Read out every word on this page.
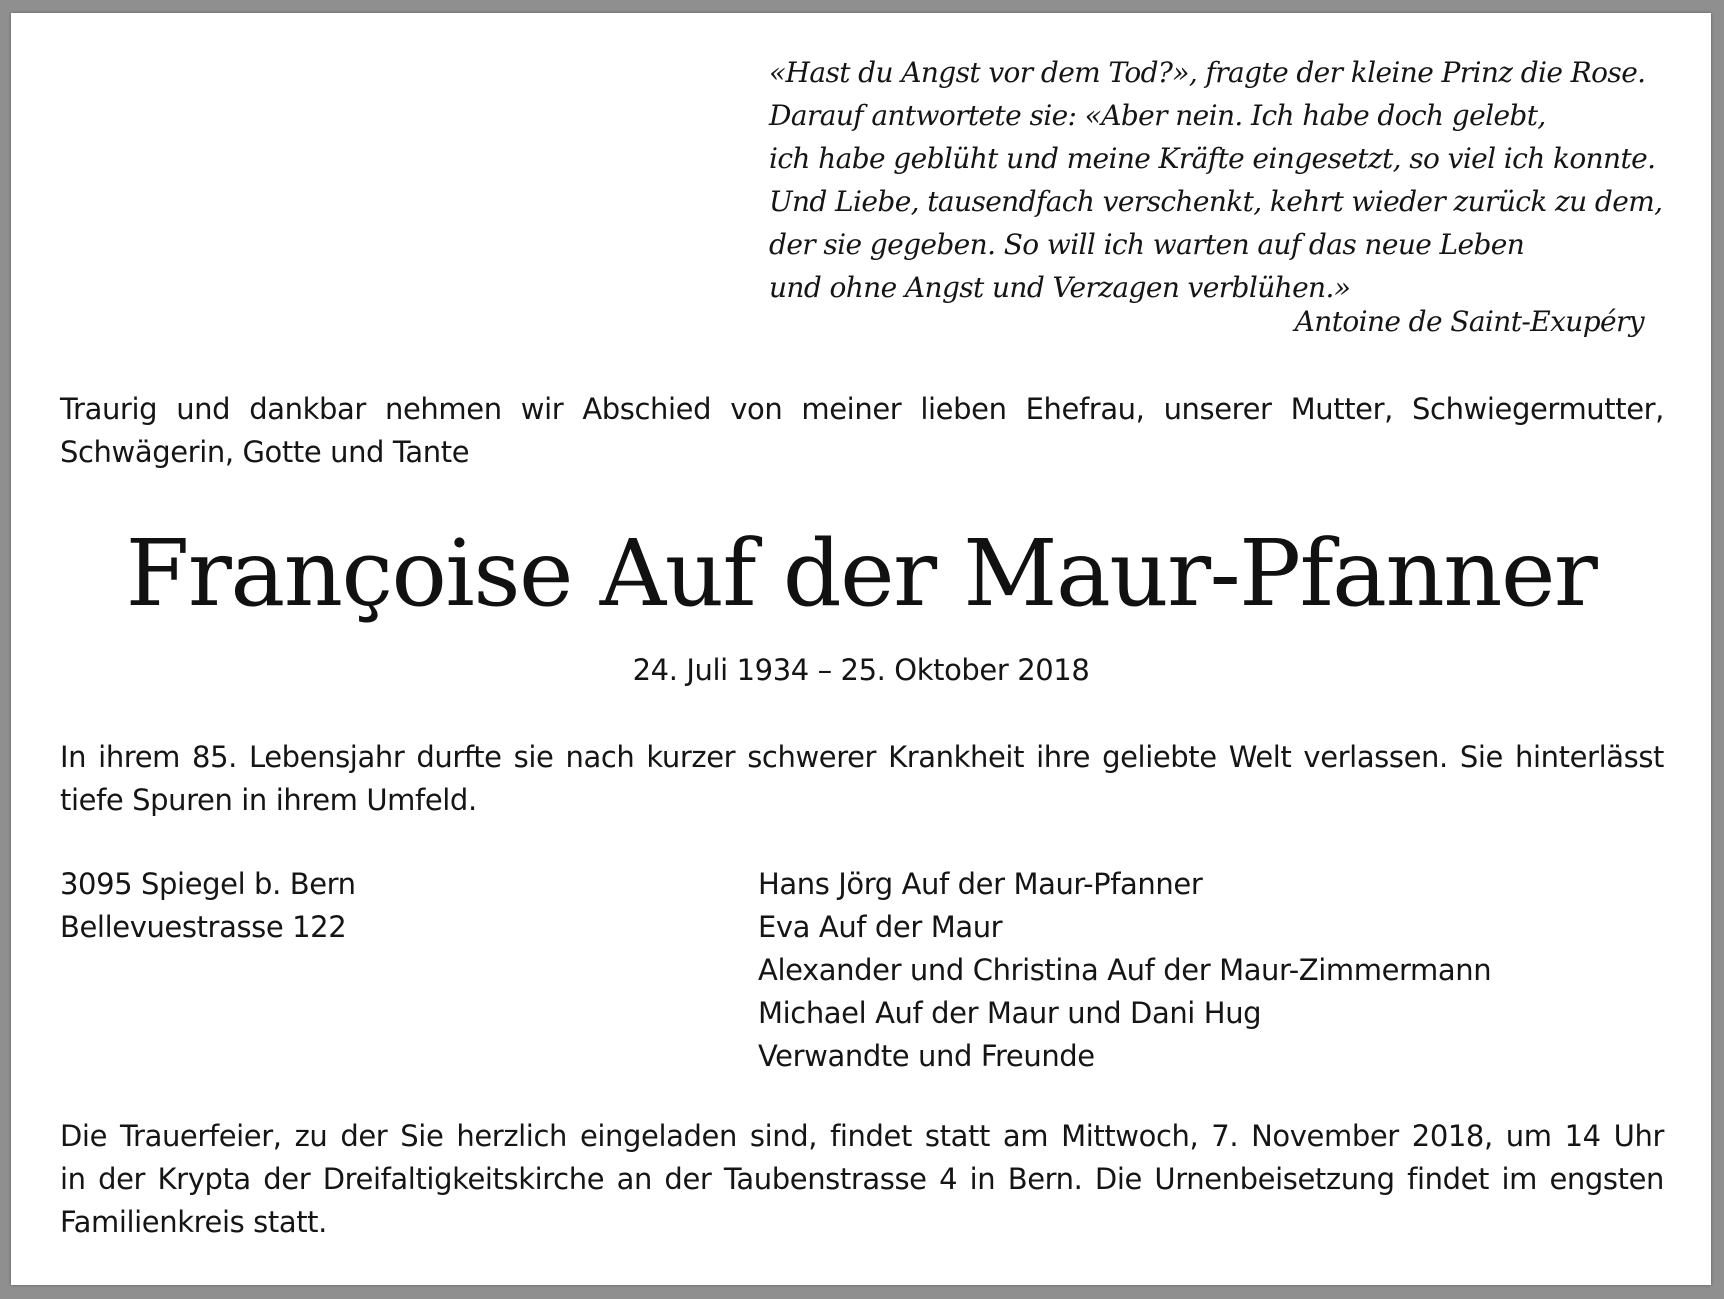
«Hast du Angst vor dem Tod?», fragte der kleine Prinz die Rose.
Darauf antwortete sie: «Aber nein. Ich habe doch gelebt,
ich habe geblüht und meine Kräfte eingesetzt, so viel ich konnte.
Und Liebe, tausendfach verschenkt, kehrt wieder zurück zu dem,
der sie gegeben. So will ich warten auf das neue Leben
und ohne Angst und Verzagen verblühen.»
Antoine de Saint-Exupéry
Traurig und dankbar nehmen wir Abschied von meiner lieben Ehefrau, unserer Mutter, Schwiegermutter,
Schwägerin, Gotte und Tante
Françoise Auf der Maur-Pfanner
24. Juli 1934 – 25. Oktober 2018
In ihrem 85. Lebensjahr durfte sie nach kurzer schwerer Krankheit ihre geliebte Welt verlassen. Sie hinterlässt
tiefe Spuren in ihrem Umfeld.
3095 Spiegel b. Bern
Bellevuestrasse 122
Hans Jörg Auf der Maur-Pfanner
Eva Auf der Maur
Alexander und Christina Auf der Maur-Zimmermann
Michael Auf der Maur und Dani Hug
Verwandte und Freunde
Die Trauerfeier, zu der Sie herzlich eingeladen sind, findet statt am Mittwoch, 7. November 2018, um 14 Uhr
in der Krypta der Dreifaltigkeitskirche an der Taubenstrasse 4 in Bern. Die Urnenbeisetzung findet im engsten
Familienkreis statt.
